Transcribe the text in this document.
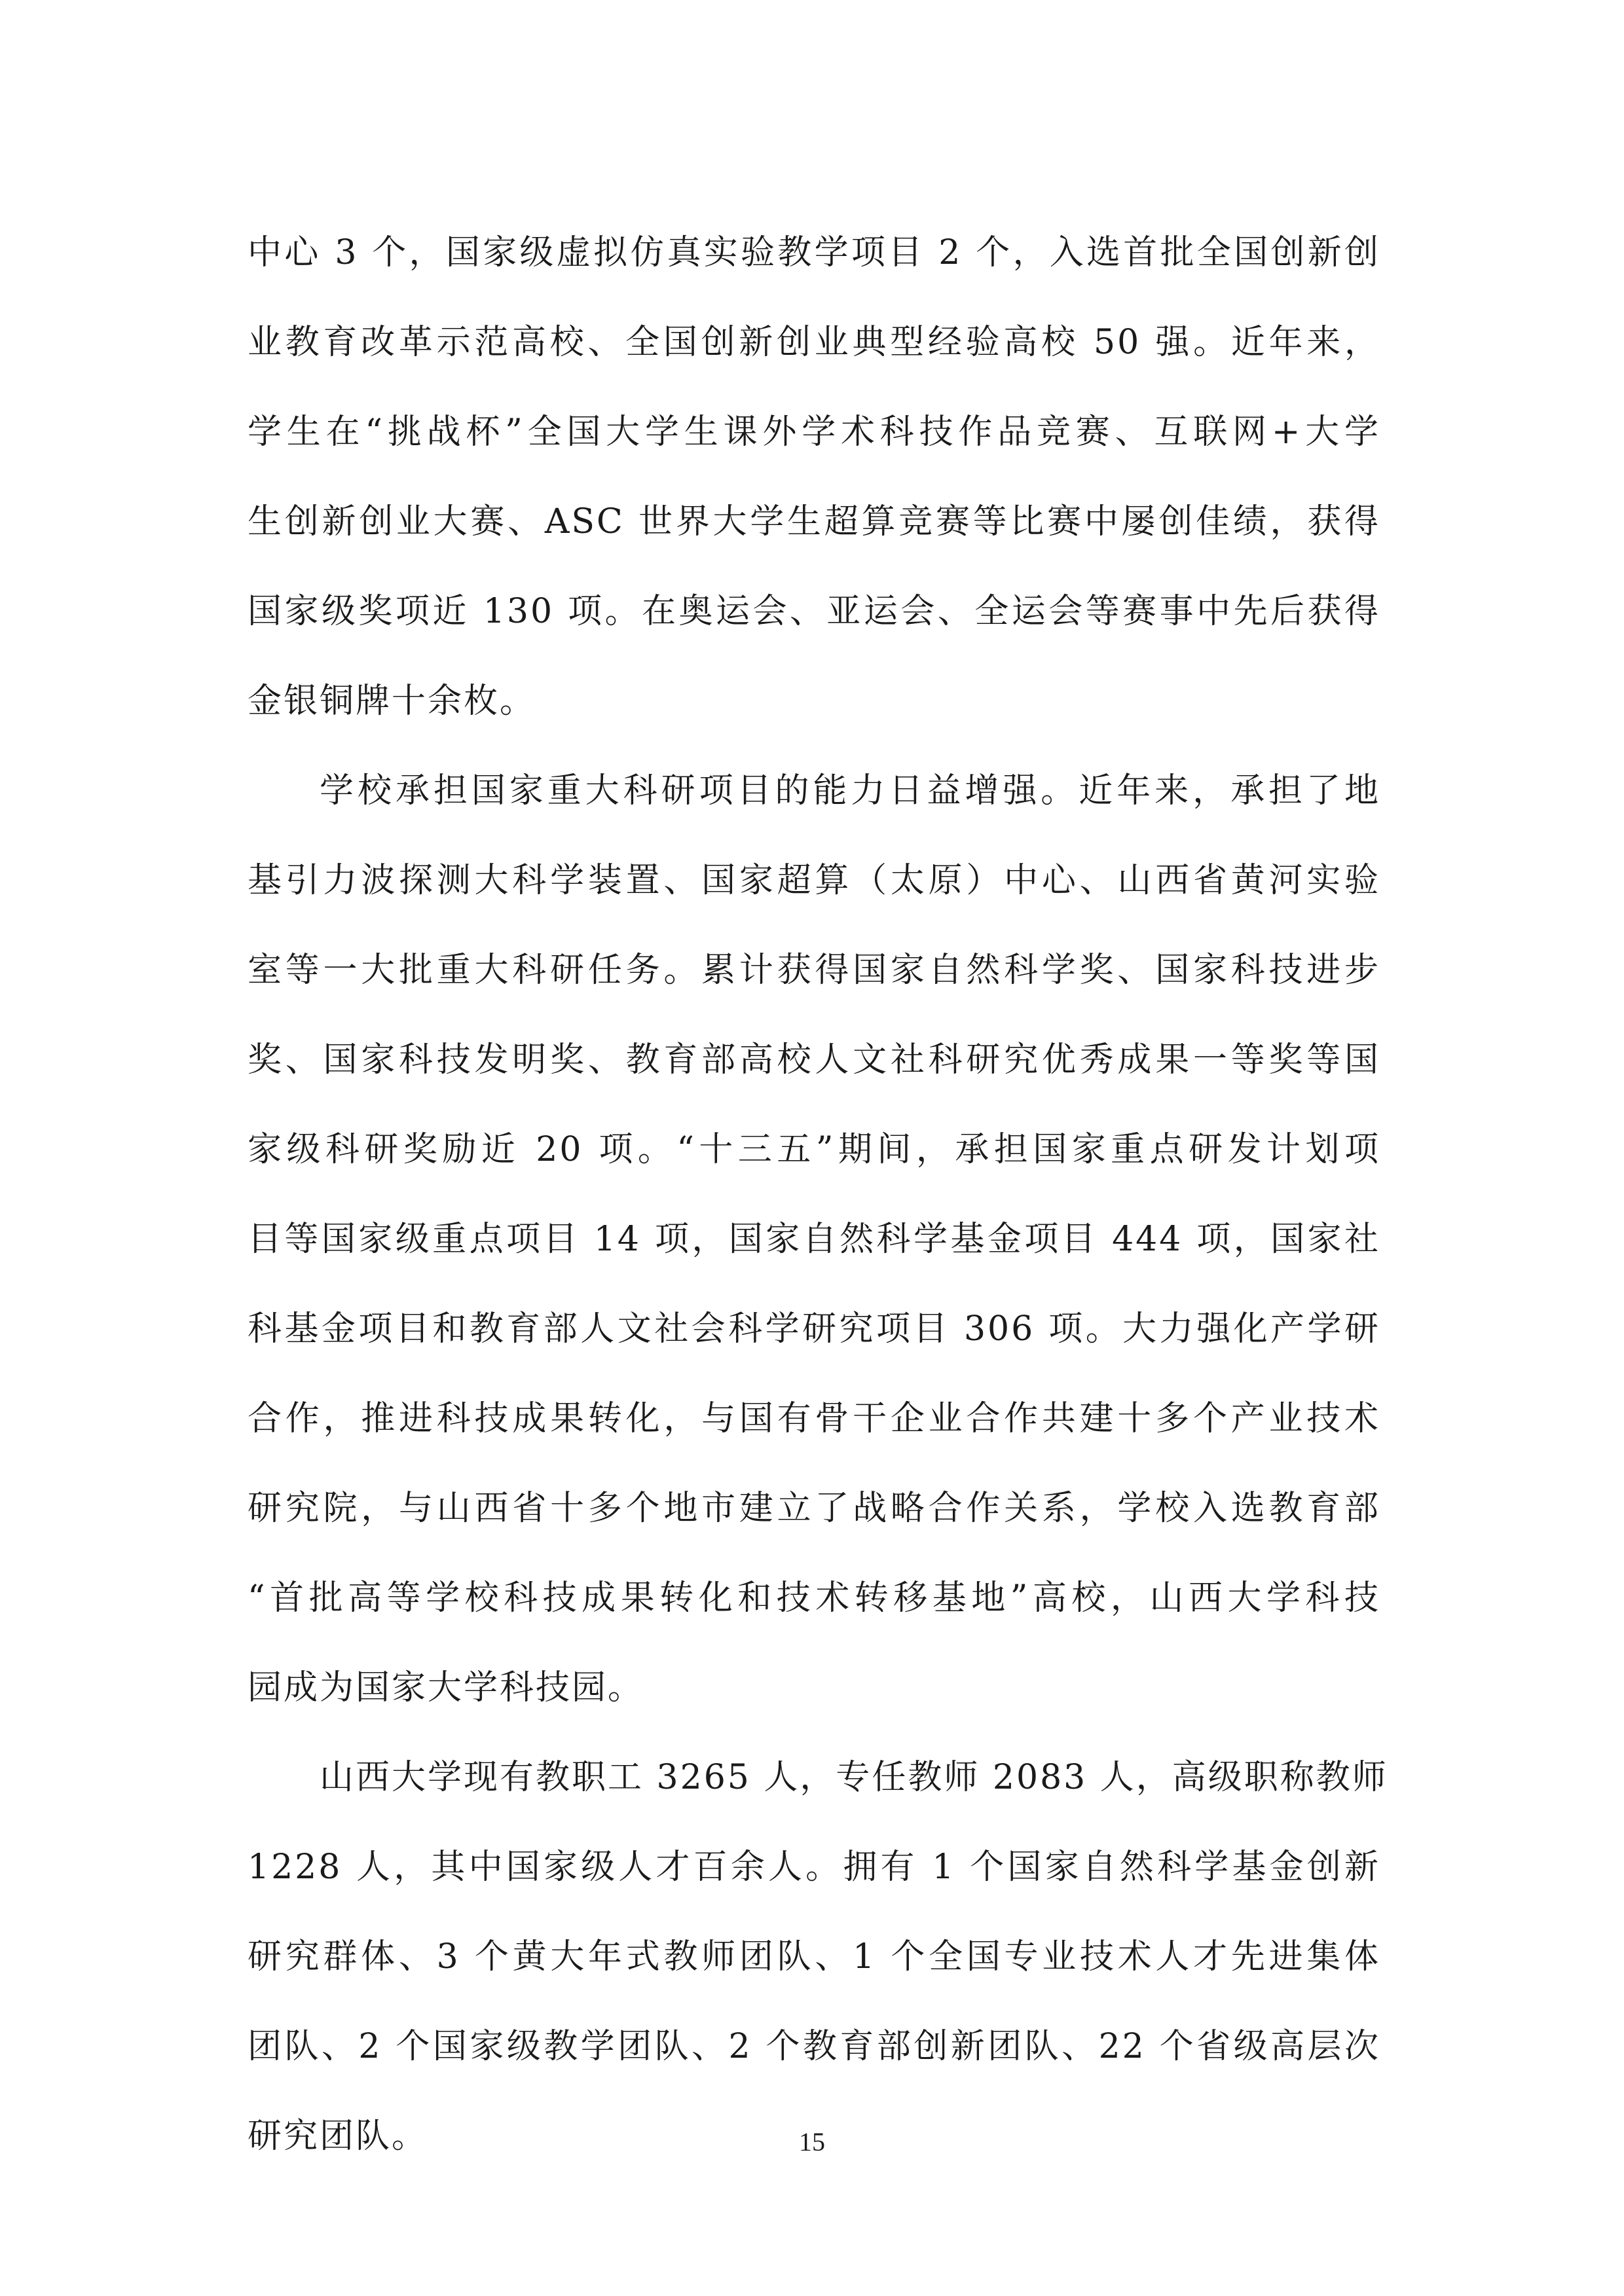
中心 3 个，国家级虚拟仿真实验教学项目 2 个，入选首批全国创新创
业教育改革示范高校、全国创新创业典型经验高校 50 强。近年来，
学生在“挑战杯”全国大学生课外学术科技作品竞赛、互联网+大学
生创新创业大赛、ASC 世界大学生超算竞赛等比赛中屡创佳绩，获得
国家级奖项近 130 项。在奥运会、亚运会、全运会等赛事中先后获得
金银铜牌十余枚。
学校承担国家重大科研项目的能力日益增强。近年来，承担了地
基引力波探测大科学装置、国家超算（太原）中心、山西省黄河实验
室等一大批重大科研任务。累计获得国家自然科学奖、国家科技进步
奖、国家科技发明奖、教育部高校人文社科研究优秀成果一等奖等国
家级科研奖励近 20 项。“十三五”期间，承担国家重点研发计划项
目等国家级重点项目 14 项，国家自然科学基金项目 444 项，国家社
科基金项目和教育部人文社会科学研究项目 306 项。大力强化产学研
合作，推进科技成果转化，与国有骨干企业合作共建十多个产业技术
研究院，与山西省十多个地市建立了战略合作关系，学校入选教育部
“首批高等学校科技成果转化和技术转移基地”高校，山西大学科技
园成为国家大学科技园。
山西大学现有教职工 3265 人，专任教师 2083 人，高级职称教师
1228 人，其中国家级人才百余人。拥有 1 个国家自然科学基金创新
研究群体、3 个黄大年式教师团队、1 个全国专业技术人才先进集体
团队、2 个国家级教学团队、2 个教育部创新团队、22 个省级高层次
研究团队。	15
